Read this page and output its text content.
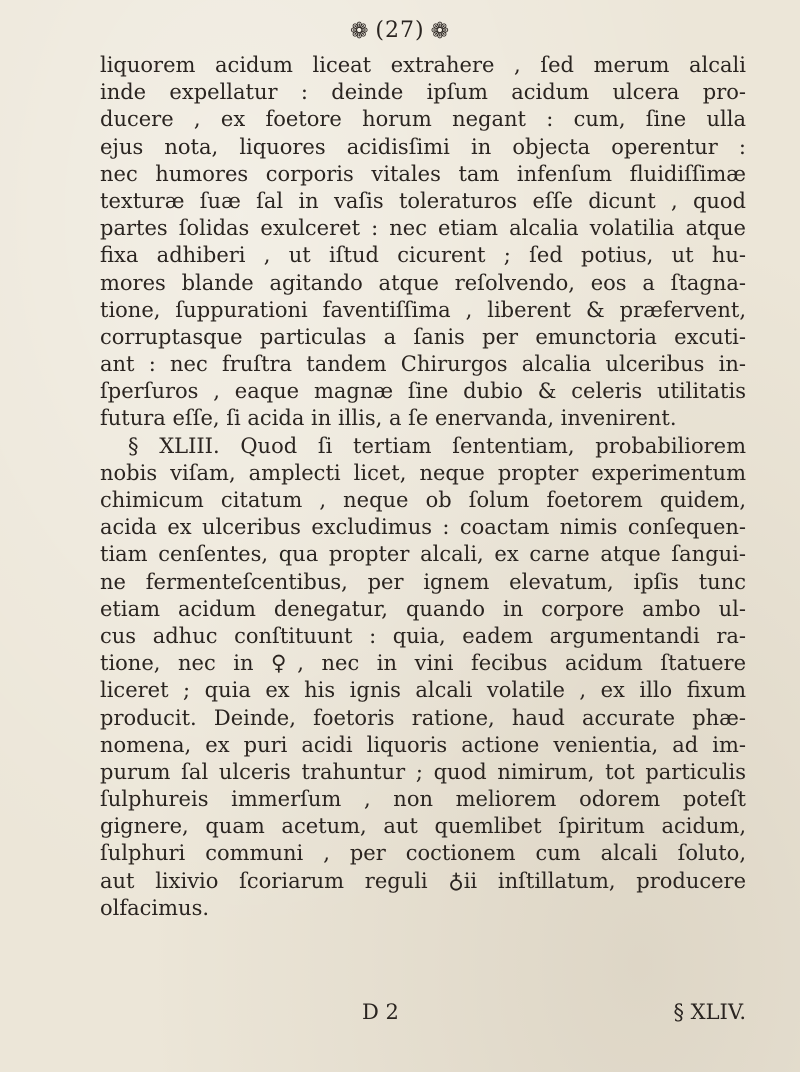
❁ (27) ❁
liquorem acidum liceat extrahere , ſed merum alcali
inde expellatur : deinde ipſum acidum ulcera pro-
ducere , ex foetore horum negant : cum, ſine ulla
ejus nota, liquores acidisſimi in objecta operentur :
nec humores corporis vitales tam infenſum fluidiſſimæ
texturæ ſuæ ſal in vaſis toleraturos eſſe dicunt , quod
partes ſolidas exulceret : nec etiam alcalia volatilia atque
fixa adhiberi , ut iſtud cicurent ; ſed potius, ut hu-
mores blande agitando atque reſolvendo, eos a ſtagna-
tione, ſuppurationi faventiſſima , liberent & præfervent,
corruptasque particulas a ſanis per emunctoria excuti-
ant : nec fruſtra tandem Chirurgos alcalia ulceribus in-
ſperſuros , eaque magnæ ſine dubio & celeris utilitatis
futura eſſe, ſi acida in illis, a ſe enervanda, invenirent.
§ XLIII. Quod ſi tertiam ſententiam, probabiliorem
nobis viſam, amplecti licet, neque propter experimentum
chimicum citatum , neque ob ſolum foetorem quidem,
acida ex ulceribus excludimus : coactam nimis conſequen-
tiam cenſentes, qua propter alcali, ex carne atque ſangui-
ne fermenteſcentibus, per ignem elevatum, ipſis tunc
etiam acidum denegatur, quando in corpore ambo ul-
cus adhuc conſtituunt : quia, eadem argumentandi ra-
tione, nec in ♀, nec in vini fecibus acidum ſtatuere
liceret ; quia ex his ignis alcali volatile , ex illo fixum
producit. Deinde, foetoris ratione, haud accurate phæ-
nomena, ex puri acidi liquoris actione venientia, ad im-
purum ſal ulceris trahuntur ; quod nimirum, tot particulis
ſulphureis immerſum , non meliorem odorem poteſt
gignere, quam acetum, aut quemlibet ſpiritum acidum,
ſulphuri communi , per coctionem cum alcali ſoluto,
aut lixivio ſcoriarum reguli ♁ii inſtillatum, producere
olfacimus.
D 2	§ XLIV.
